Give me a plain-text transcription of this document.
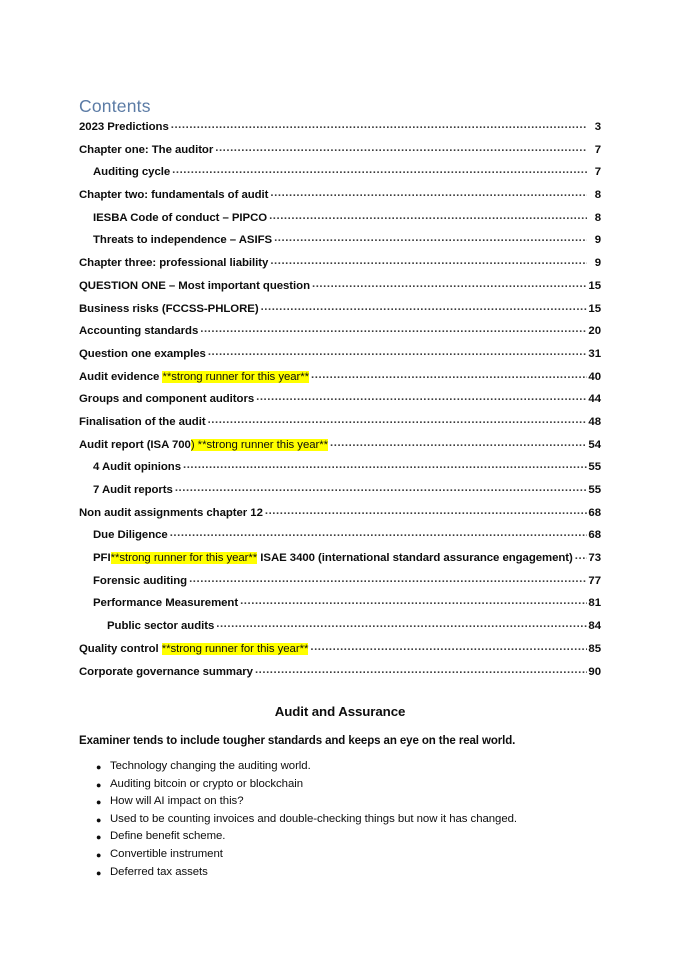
Contents
2023 Predictions .....	3
Chapter one: The auditor .....	7
Auditing cycle .....	7
Chapter two: fundamentals of audit .....	8
IESBA Code of conduct – PIPCO .....	8
Threats to independence – ASIFS .....	9
Chapter three: professional liability .....	9
QUESTION ONE – Most important question .....	15
Business risks (FCCSS-PHLORE) .....	15
Accounting standards .....	20
Question one examples .....	31
Audit evidence **strong runner for this year** .....	40
Groups and component auditors .....	44
Finalisation of the audit .....	48
Audit report (ISA 700) **strong runner this year** .....	54
4 Audit opinions .....	55
7 Audit reports .....	55
Non audit assignments chapter 12 .....	68
Due Diligence .....	68
PFI**strong runner for this year** ISAE 3400 (international standard assurance engagement) ..... 73
Forensic auditing .....	77
Performance Measurement .....	81
Public sector audits .....	84
Quality control **strong runner for this year** .....	85
Corporate governance summary .....	90
Audit and Assurance
Examiner tends to include tougher standards and keeps an eye on the real world.
● Technology changing the auditing world.
● Auditing bitcoin or crypto or blockchain
● How will AI impact on this?
● Used to be counting invoices and double-checking things but now it has changed.
● Define benefit scheme.
● Convertible instrument
● Deferred tax assets
